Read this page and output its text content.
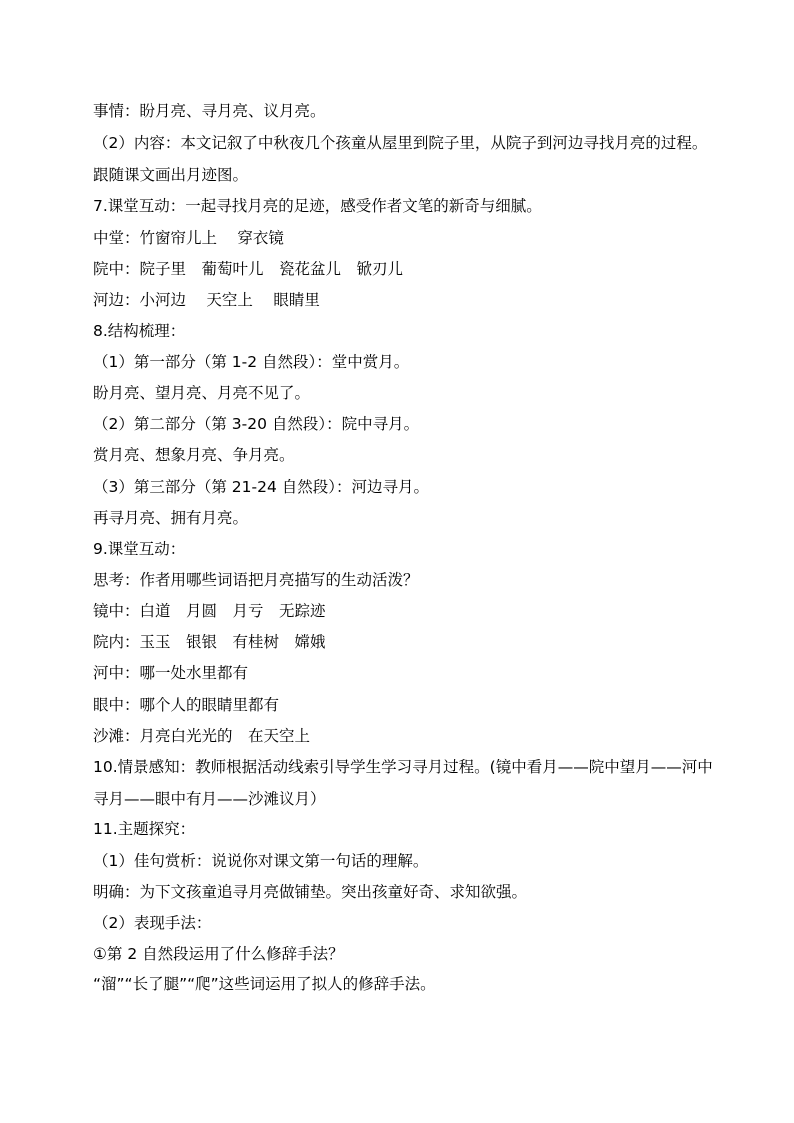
事情：盼月亮、寻月亮、议月亮。
（2）内容：本文记叙了中秋夜几个孩童从屋里到院子里，从院子到河边寻找月亮的过程。跟随课文画出月迹图。
7.课堂互动：一起寻找月亮的足迹，感受作者文笔的新奇与细腻。
中堂：竹窗帘儿上　 穿衣镜
院中：院子里　葡萄叶儿　瓷花盆儿　锨刃儿
河边：小河边　 天空上　 眼睛里
8.结构梳理：
（1）第一部分（第 1-2 自然段）：堂中赏月。
盼月亮、望月亮、月亮不见了。
（2）第二部分（第 3-20 自然段）：院中寻月。
赏月亮、想象月亮、争月亮。
（3）第三部分（第 21-24 自然段）：河边寻月。
再寻月亮、拥有月亮。
9.课堂互动：
思考：作者用哪些词语把月亮描写的生动活泼？
镜中：白道　月圆　月亏　无踪迹
院内：玉玉　银银　有桂树　嫦娥
河中：哪一处水里都有
眼中：哪个人的眼睛里都有
沙滩：月亮白光光的　在天空上
10.情景感知：教师根据活动线索引导学生学习寻月过程。(镜中看月——院中望月——河中寻月——眼中有月——沙滩议月）
11.主题探究：
（1）佳句赏析：说说你对课文第一句话的理解。
明确：为下文孩童追寻月亮做铺垫。突出孩童好奇、求知欲强。
（2）表现手法：
①第 2 自然段运用了什么修辞手法？
“溜”“长了腿”“爬”这些词运用了拟人的修辞手法。
